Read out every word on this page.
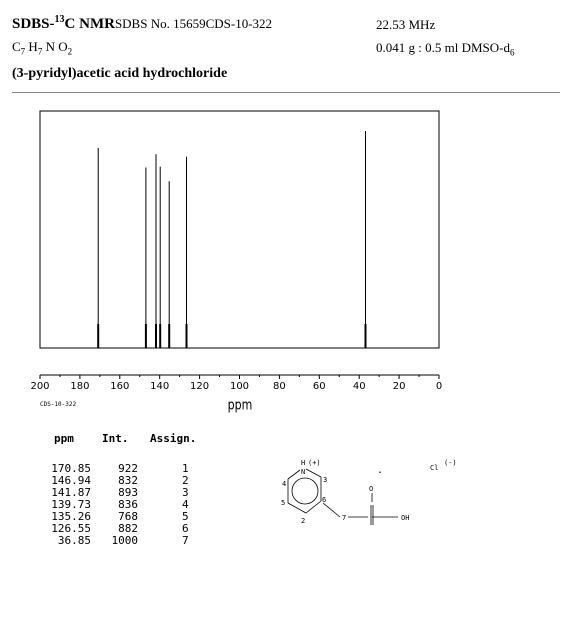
SDBS-$^{13}$C NMRSDBS No. 15659CDS-10-322	22.53 MHz
$C_7$ $H_7$ N $O_2$	0.041 g : 0.5 ml DMSO-$d_6$
(3-pyridyl)acetic acid hydrochloride
200 180 160 140 120 100 80	60	40	20	0
ppm
CDS-10-322
ppm	Int. Assign.
170.85	922	1
146.94	832	2
141.87	893	3
139.73	836	4
135.26	768	5
126.55	882	6
36.85	1000	7
H (+)
N
3
4
5	6
2	7
O
OH
.	Cl
(-)
